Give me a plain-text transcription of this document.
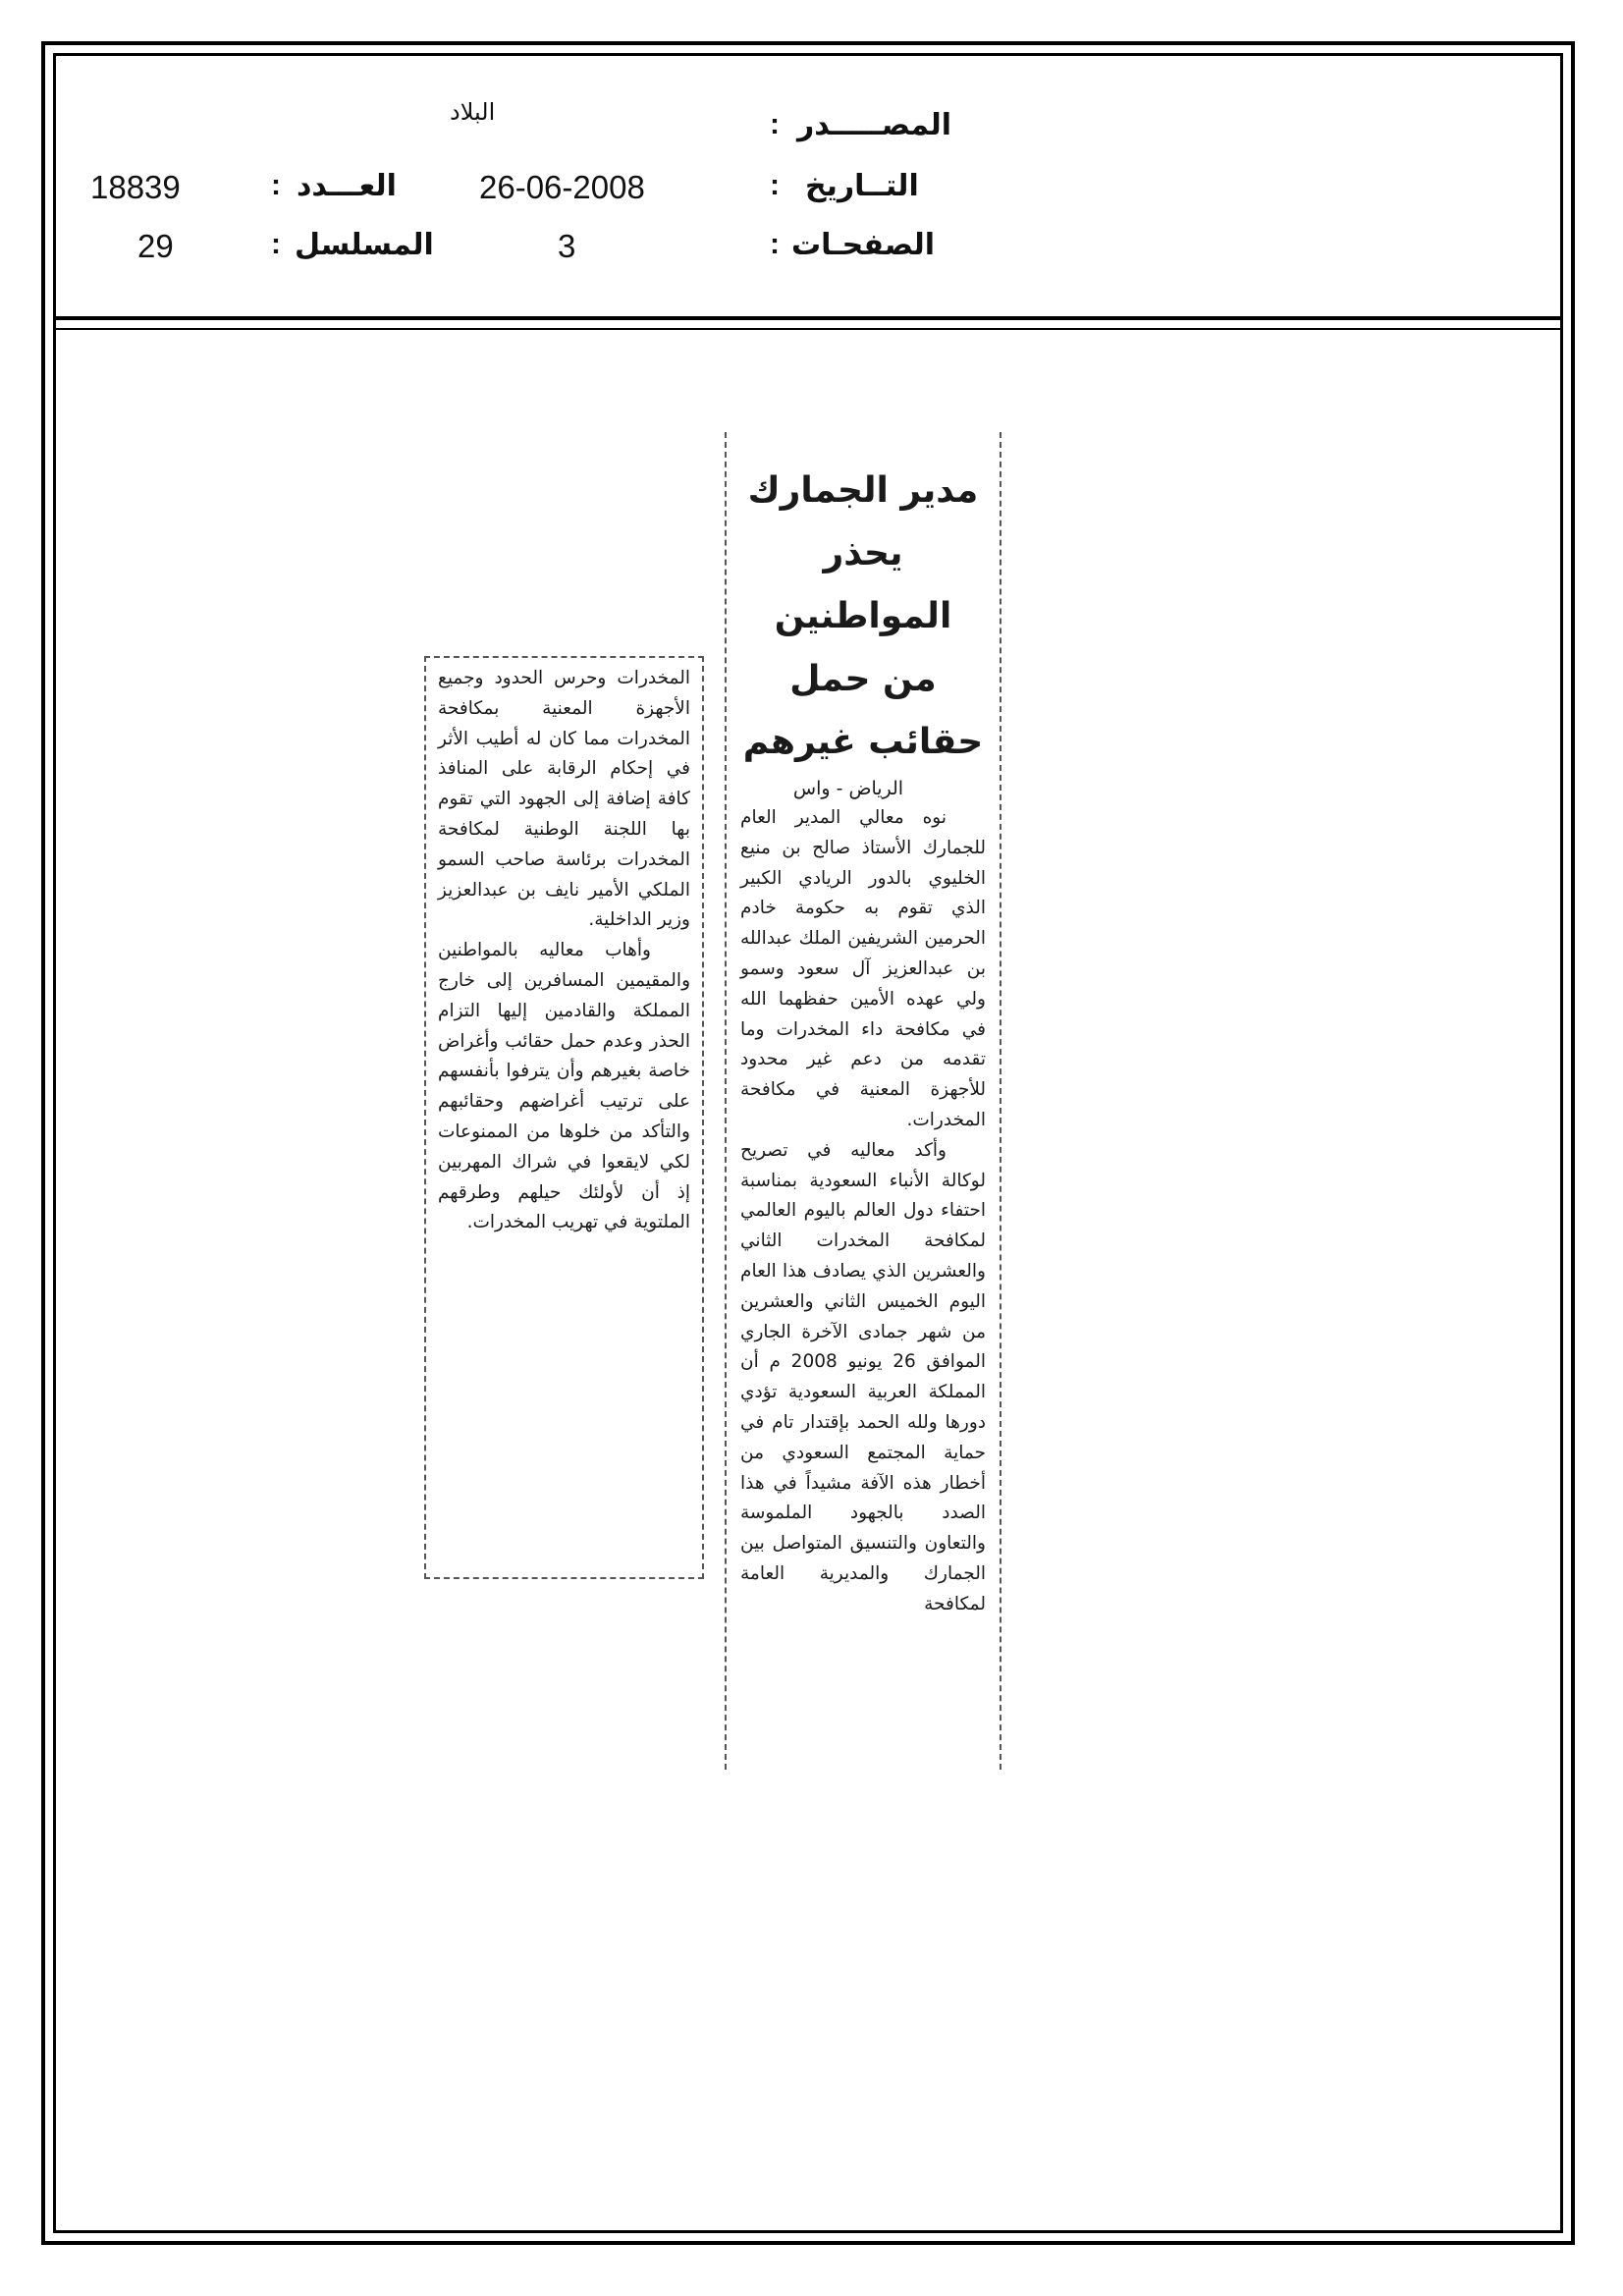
المصـــــدر
:
البلاد
التــاريخ
:
26-06-2008
الصفحـات
:
3
العـــدد
:
18839
المسلسل
:
29
مدير الجمارك يحذر المواطنين
من حمل حقائب غيرهم
الرياض - واس

نوه معالي المدير العام للجمارك الأستاذ صالح بن منيع الخليوي بالدور الريادي الكبير الذي تقوم به حكومة خادم الحرمين الشريفين الملك عبدالله بن عبدالعزيز آل سعود وسمو ولي عهده الأمين حفظهما الله في مكافحة داء المخدرات وما تقدمه من دعم غير محدود للأجهزة المعنية في مكافحة المخدرات.

وأكد معاليه في تصريح لوكالة الأنباء السعودية بمناسبة احتفاء دول العالم باليوم العالمي لمكافحة المخدرات الثاني والعشرين الذي يصادف هذا العام اليوم الخميس الثاني والعشرين من شهر جمادى الآخرة الجاري الموافق 26 يونيو 2008 م أن المملكة العربية السعودية تؤدي دورها ولله الحمد بإقتدار تام في حماية المجتمع السعودي من أخطار هذه الآفة مشيداً في هذا الصدد بالجهود الملموسة والتعاون والتنسيق المتواصل بين الجمارك والمديرية العامة لمكافحة

المخدرات وحرس الحدود وجميع الأجهزة المعنية بمكافحة المخدرات مما كان له أطيب الأثر في إحكام الرقابة على المنافذ كافة إضافة إلى الجهود التي تقوم بها اللجنة الوطنية لمكافحة المخدرات برئاسة صاحب السمو الملكي الأمير نايف بن عبدالعزيز وزير الداخلية.

وأهاب معاليه بالمواطنين والمقيمين المسافرين إلى خارج المملكة والقادمين إليها التزام الحذر وعدم حمل حقائب وأغراض خاصة بغيرهم وأن يترفوا بأنفسهم على ترتيب أغراضهم وحقائبهم والتأكد من خلوها من الممنوعات لكي لايقعوا في شراك المهربين إذ أن لأولئك حيلهم وطرقهم الملتوية في تهريب المخدرات.
